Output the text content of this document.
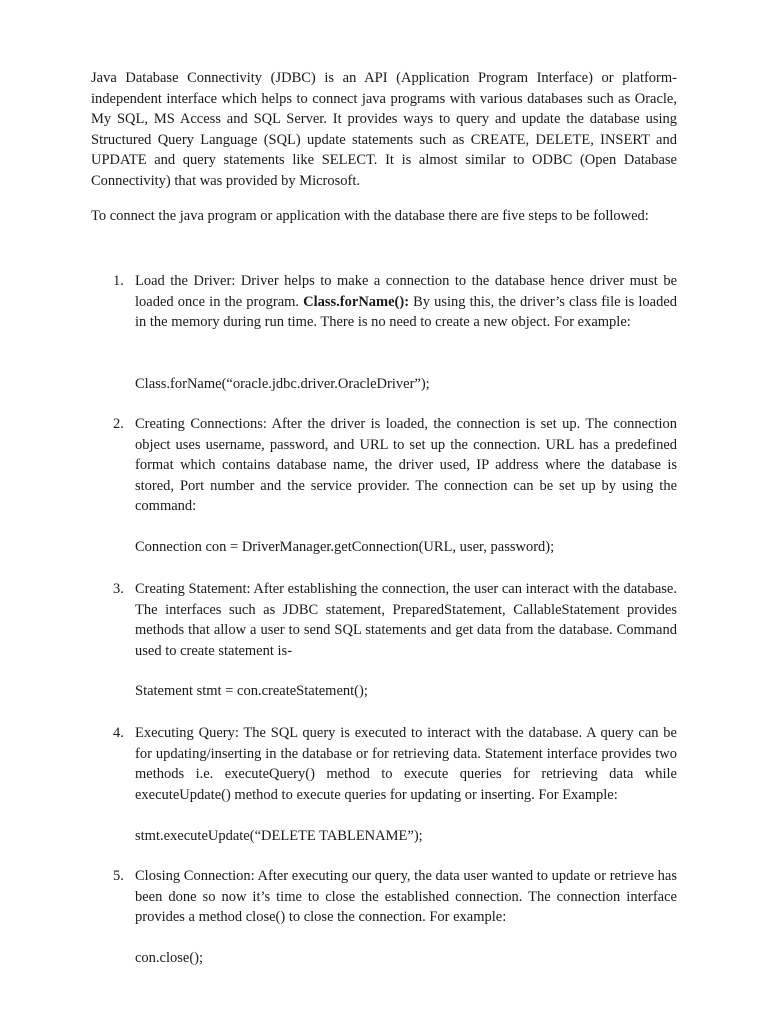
Java Database Connectivity (JDBC) is an API (Application Program Interface) or platform-independent interface which helps to connect java programs with various databases such as Oracle, My SQL, MS Access and SQL Server. It provides ways to query and update the database using Structured Query Language (SQL) update statements such as CREATE, DELETE, INSERT and UPDATE and query statements like SELECT. It is almost similar to ODBC (Open Database Connectivity) that was provided by Microsoft.

To connect the java program or application with the database there are five steps to be followed:

1. Load the Driver: Driver helps to make a connection to the database hence driver must be loaded once in the program. Class.forName(): By using this, the driver’s class file is loaded in the memory during run time. There is no need to create a new object. For example:

Class.forName(“oracle.jdbc.driver.OracleDriver”);

2. Creating Connections: After the driver is loaded, the connection is set up. The connection object uses username, password, and URL to set up the connection. URL has a predefined format which contains database name, the driver used, IP address where the database is stored, Port number and the service provider. The connection can be set up by using the command:

Connection con = DriverManager.getConnection(URL, user, password);

3. Creating Statement: After establishing the connection, the user can interact with the database. The interfaces such as JDBC statement, PreparedStatement, CallableStatement provides methods that allow a user to send SQL statements and get data from the database. Command used to create statement is-

Statement stmt = con.createStatement();

4. Executing Query: The SQL query is executed to interact with the database. A query can be for updating/inserting in the database or for retrieving data. Statement interface provides two methods i.e. executeQuery() method to execute queries for retrieving data while executeUpdate() method to execute queries for updating or inserting. For Example:

stmt.executeUpdate(“DELETE TABLENAME”);

5. Closing Connection: After executing our query, the data user wanted to update or retrieve has been done so now it’s time to close the established connection. The connection interface provides a method close() to close the connection. For example:

con.close();
